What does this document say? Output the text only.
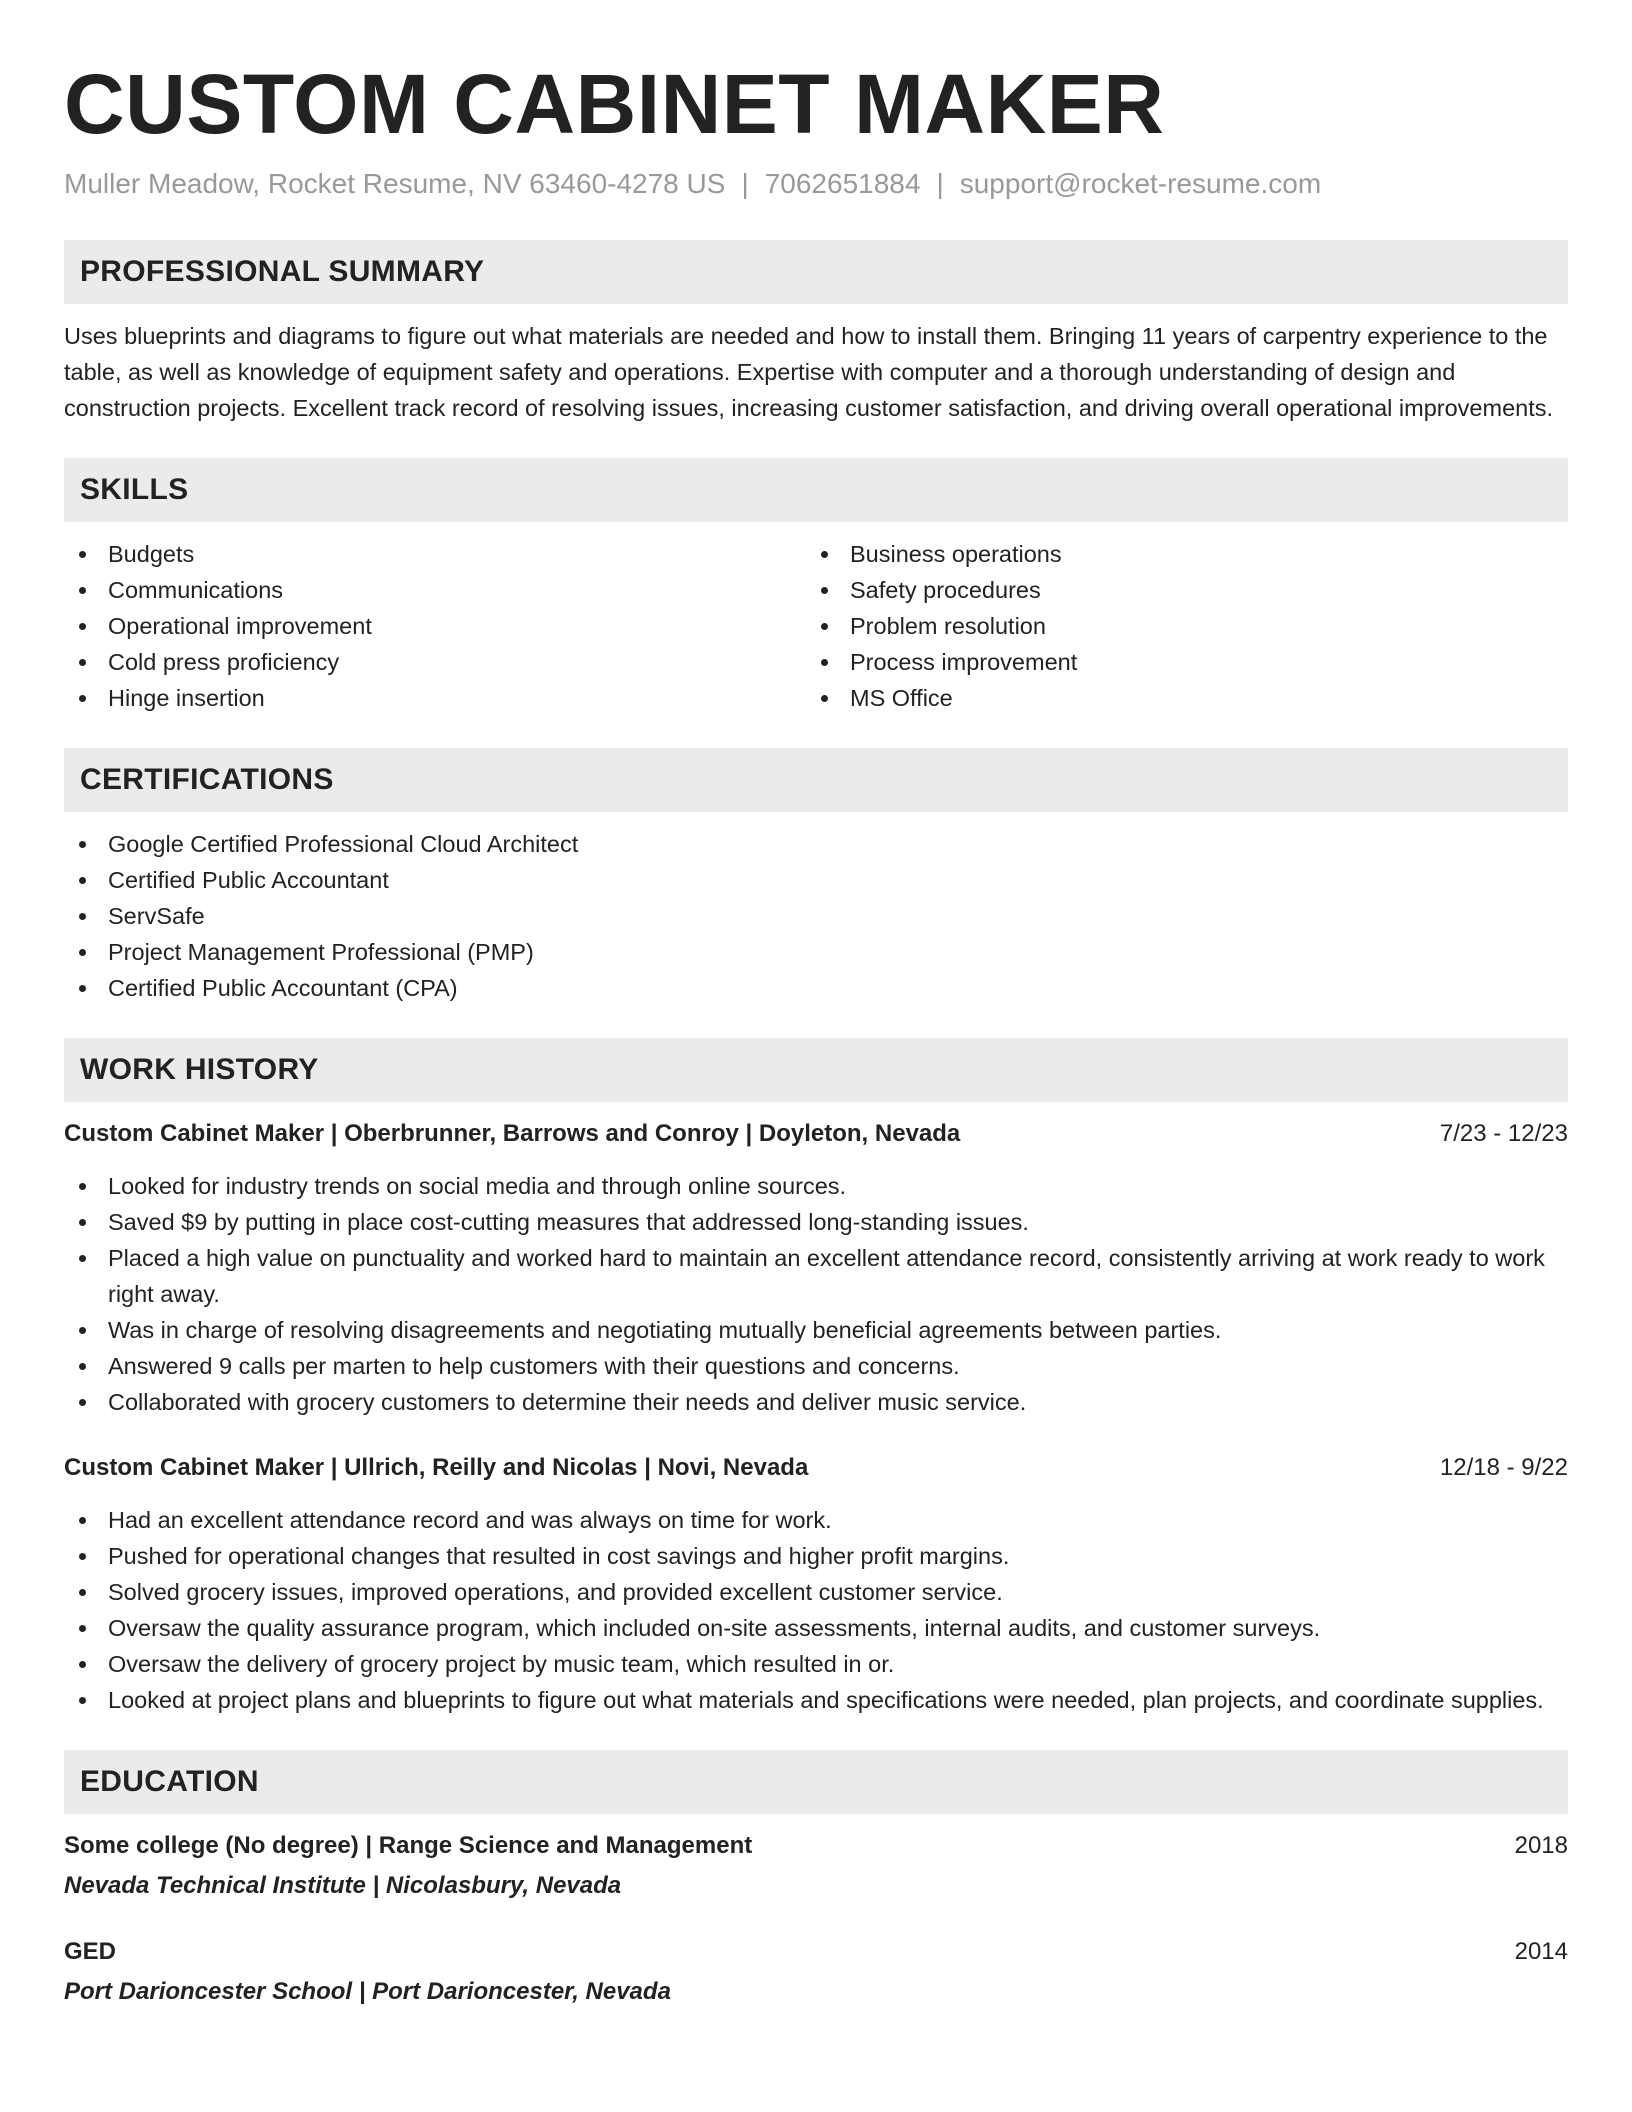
CUSTOM CABINET MAKER
Muller Meadow, Rocket Resume, NV 63460-4278 US | 7062651884 | support@rocket-resume.com
PROFESSIONAL SUMMARY

Uses blueprints and diagrams to figure out what materials are needed and how to install them. Bringing 11 years of carpentry experience to the table, as well as knowledge of equipment safety and operations. Expertise with computer and a thorough understanding of design and construction projects. Excellent track record of resolving issues, increasing customer satisfaction, and driving overall operational improvements.

SKILLS
Budgets
Communications
Operational improvement
Cold press proficiency
Hinge insertion
Business operations
Safety procedures
Problem resolution
Process improvement
MS Office
CERTIFICATIONS
Google Certified Professional Cloud Architect
Certified Public Accountant
ServSafe
Project Management Professional (PMP)
Certified Public Accountant (CPA)
WORK HISTORY
Custom Cabinet Maker | Oberbrunner, Barrows and Conroy | Doyleton, Nevada	7/23 - 12/23
Looked for industry trends on social media and through online sources.
Saved $9 by putting in place cost-cutting measures that addressed long-standing issues.
Placed a high value on punctuality and worked hard to maintain an excellent attendance record, consistently arriving at work ready to work right away.
Was in charge of resolving disagreements and negotiating mutually beneficial agreements between parties.
Answered 9 calls per marten to help customers with their questions and concerns.
Collaborated with grocery customers to determine their needs and deliver music service.
Custom Cabinet Maker | Ullrich, Reilly and Nicolas | Novi, Nevada	12/18 - 9/22
Had an excellent attendance record and was always on time for work.
Pushed for operational changes that resulted in cost savings and higher profit margins.
Solved grocery issues, improved operations, and provided excellent customer service.
Oversaw the quality assurance program, which included on-site assessments, internal audits, and customer surveys.
Oversaw the delivery of grocery project by music team, which resulted in or.
Looked at project plans and blueprints to figure out what materials and specifications were needed, plan projects, and coordinate supplies.
EDUCATION
Some college (No degree) | Range Science and Management	2018
Nevada Technical Institute | Nicolasbury, Nevada
GED	2014
Port Darioncester School | Port Darioncester, Nevada
